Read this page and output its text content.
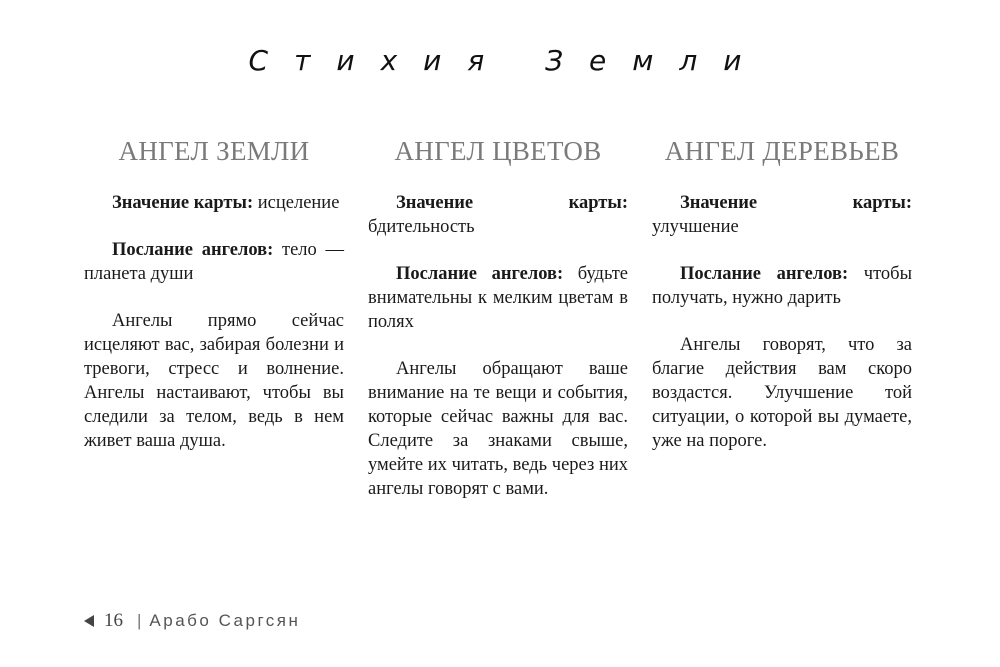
Стихия Земли
АНГЕЛ ЗЕМЛИ

Значение карты: исцеление

Послание ангелов: тело — планета души

Ангелы прямо сейчас исцеляют вас, забирая болезни и тревоги, стресс и волнение. Ангелы настаивают, чтобы вы следили за телом, ведь в нем живет ваша душа.

АНГЕЛ ЦВЕТОВ

Значение карты: бдительность

Послание ангелов: будьте внимательны к мелким цветам в полях

Ангелы обращают ваше внимание на те вещи и события, которые сейчас важны для вас. Следите за знаками свыше, умейте их читать, ведь через них ангелы говорят с вами.

АНГЕЛ ДЕРЕВЬЕВ

Значение карты: улучшение

Послание ангелов: чтобы получать, нужно дарить

Ангелы говорят, что за благие действия вам скоро воздастся. Улучшение той ситуации, о которой вы думаете, уже на пороге.

16 | Арабо Саргсян
